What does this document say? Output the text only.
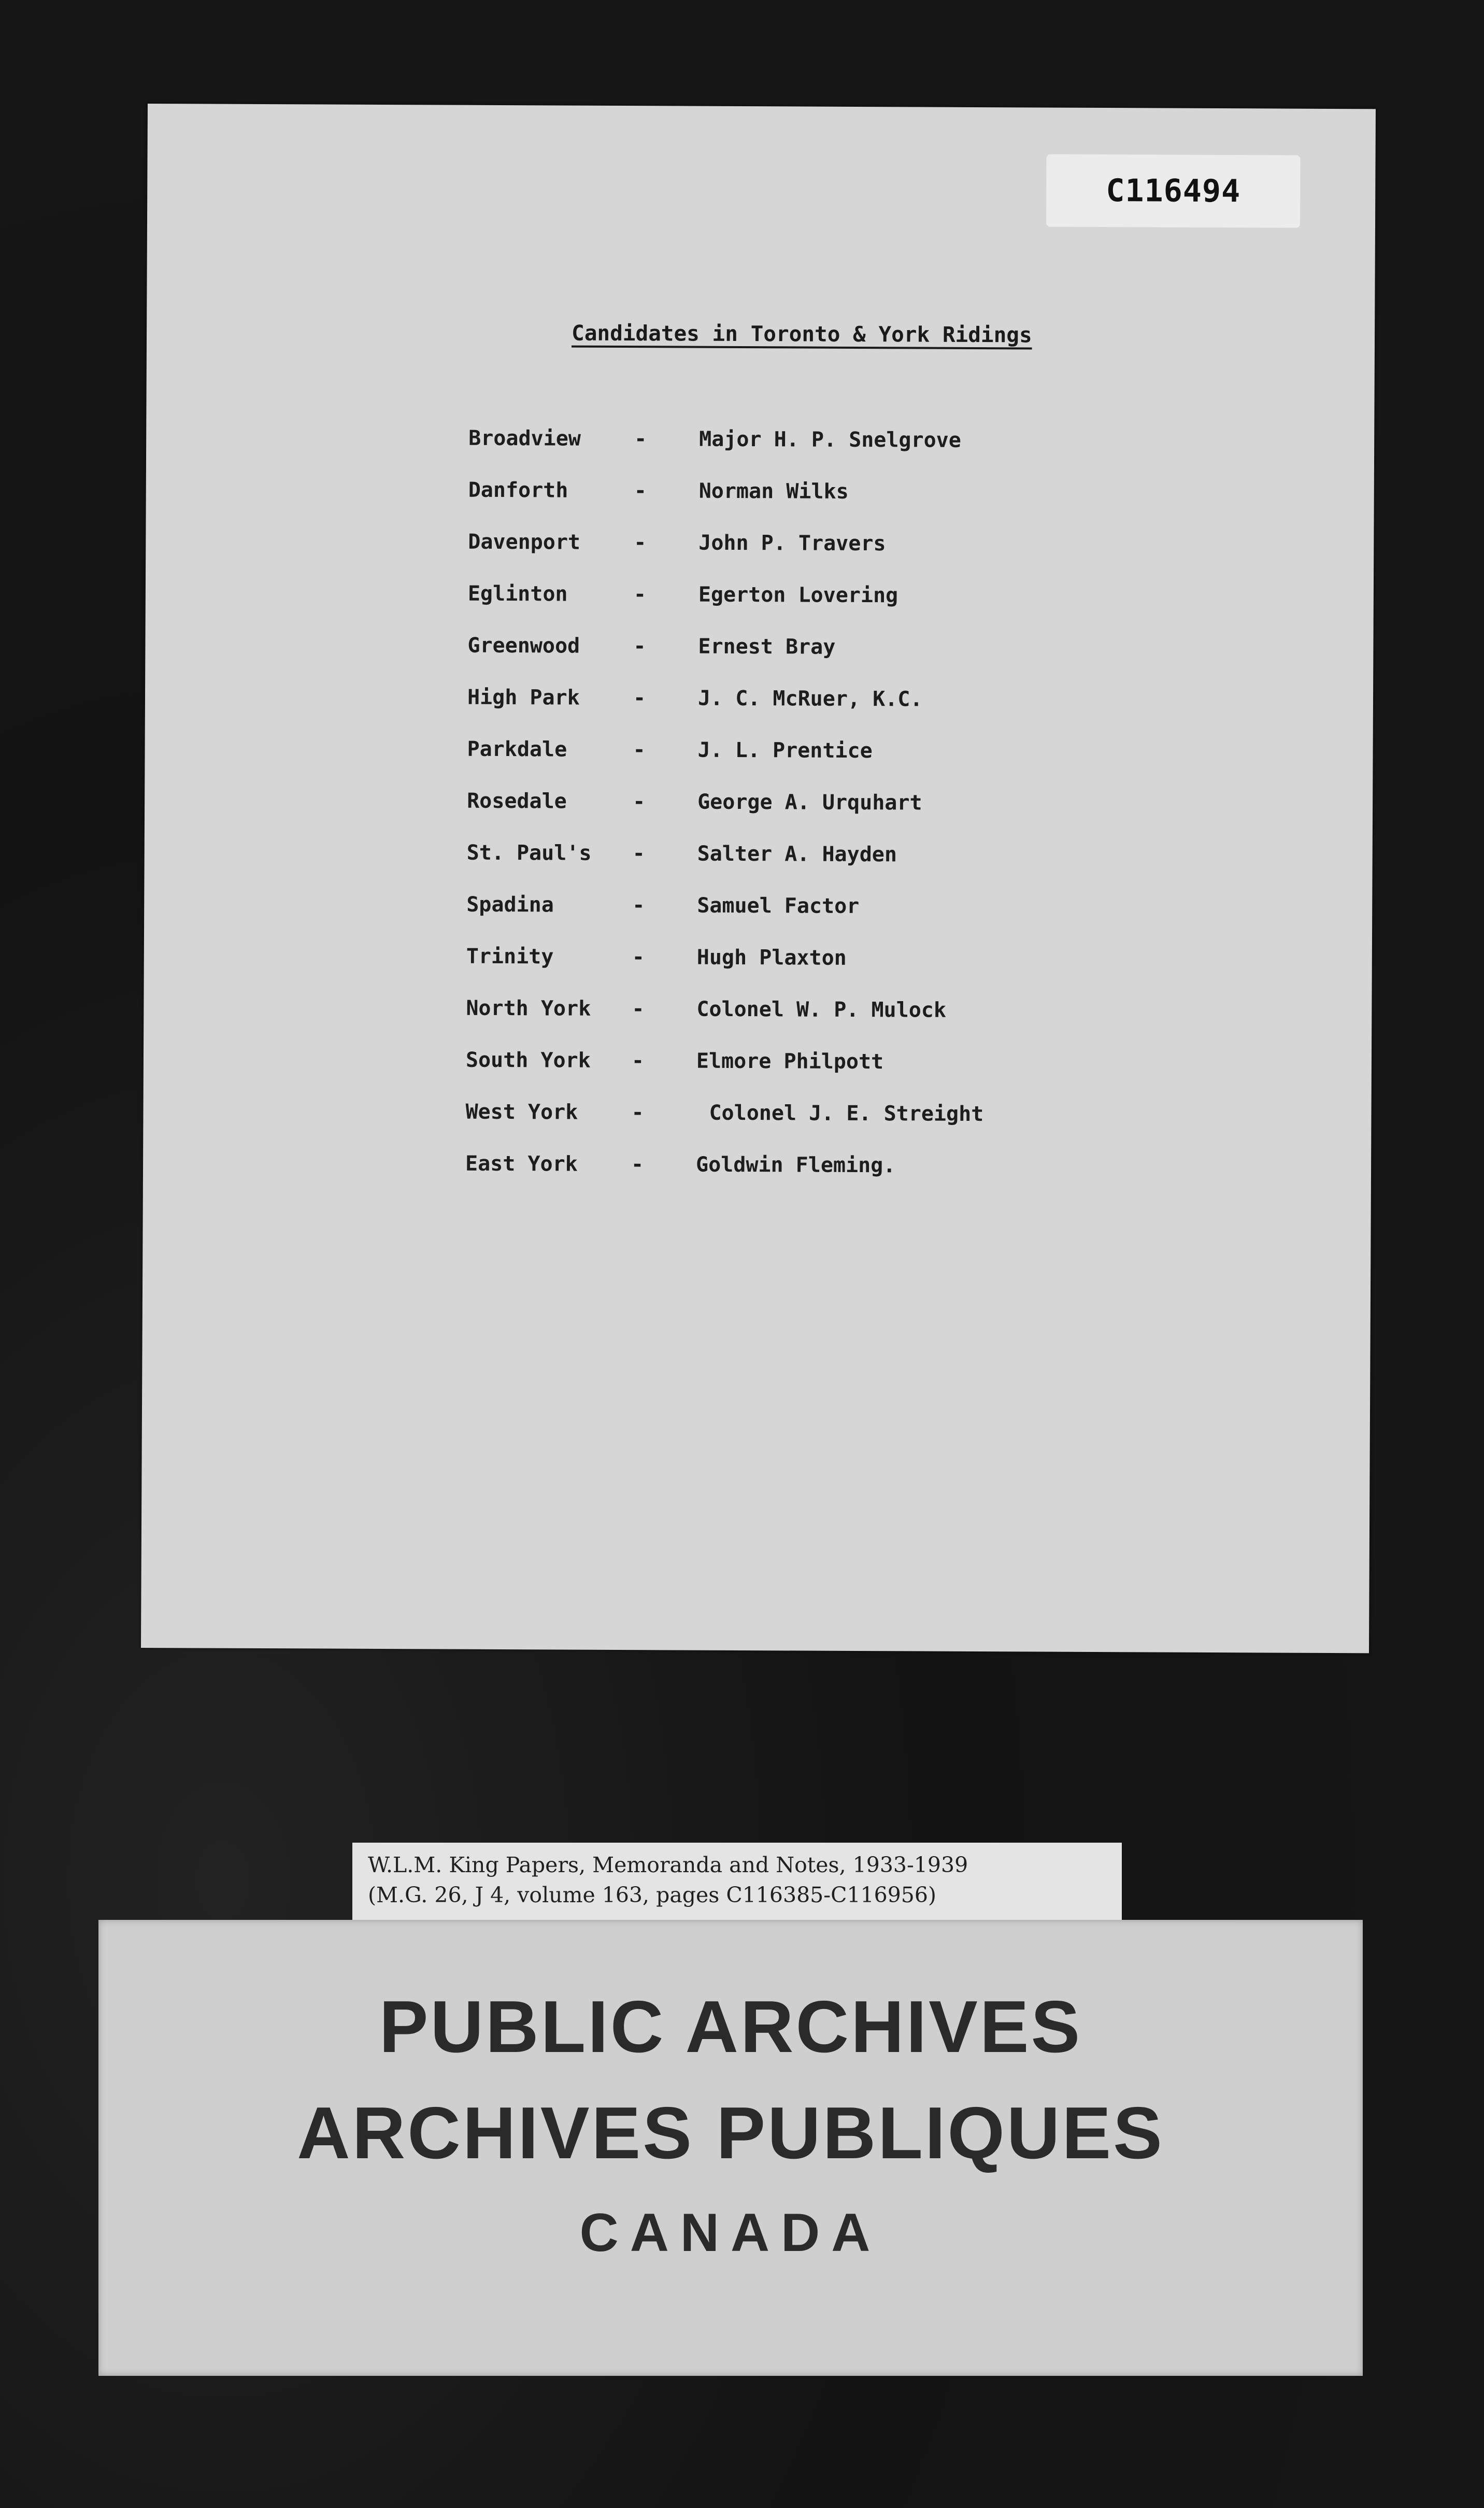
C116494
Candidates in Toronto & York Ridings
Broadview	-	Major H. P. Snelgrove
Danforth	-	Norman Wilks
Davenport	-	John P. Travers
Eglinton	-	Egerton Lovering
Greenwood	-	Ernest Bray
High Park	-	J. C. McRuer, K.C.
Parkdale	-	J. L. Prentice
Rosedale	-	George A. Urquhart
St. Paul's -	Salter A. Hayden
Spadina	-	Samuel Factor
Trinity	-	Hugh Plaxton
North York -	Colonel W. P. Mulock
South York -	Elmore Philpott
West York	-	Colonel J. E. Streight
East York	-	Goldwin Fleming.
W.L.M. King Papers, Memoranda and Notes, 1933-1939
(M.G. 26, J 4, volume 163, pages C116385-C116956)
PUBLIC ARCHIVES
ARCHIVES PUBLIQUES
CANADA
